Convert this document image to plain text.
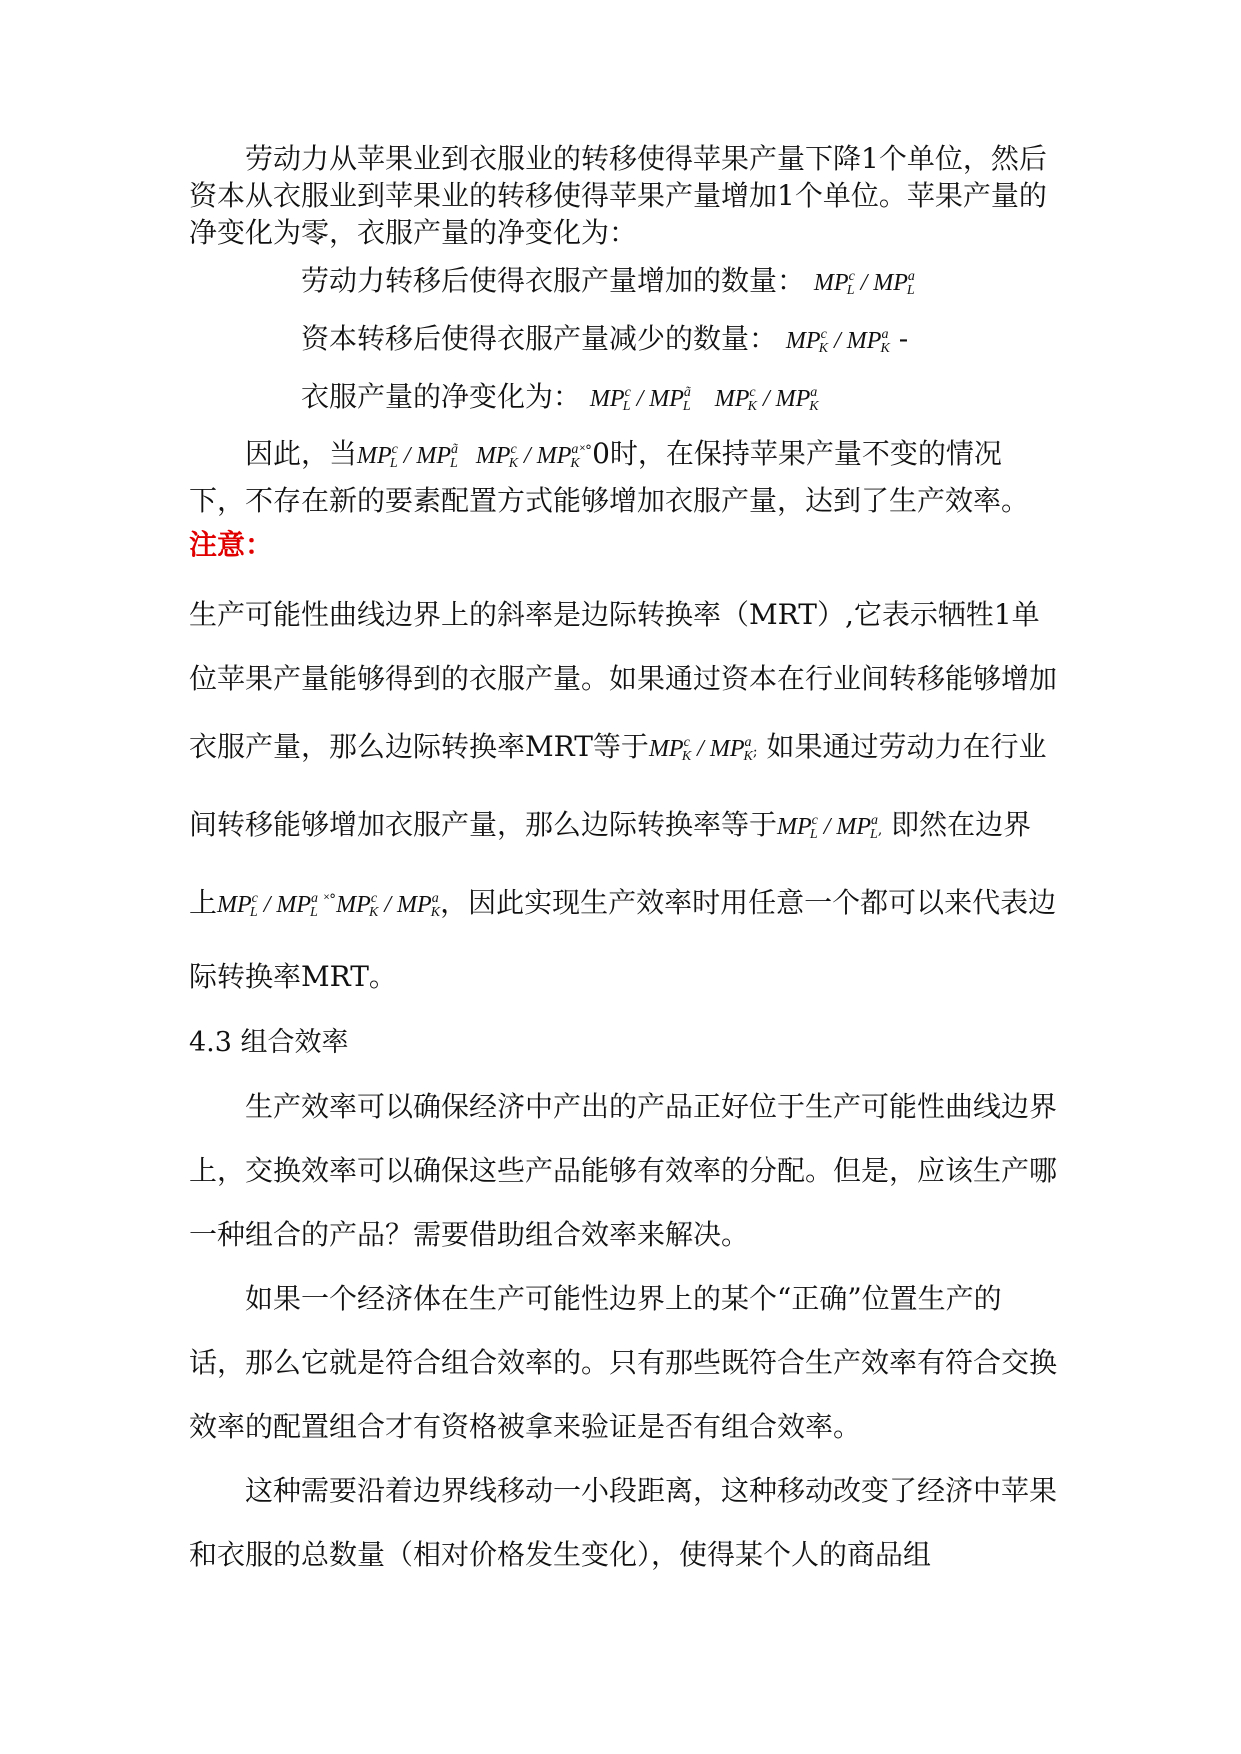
劳动力从苹果业到衣服业的转移使得苹果产量下降1个单位，然后资本从衣服业到苹果业的转移使得苹果产量增加1个单位。苹果产量的净变化为零，衣服产量的净变化为：

劳动力转移后使得衣服产量增加的数量： $MP^c_L / MP^a_L$

资本转移后使得衣服产量减少的数量： $MP^c_K / MP^a_K$ -

衣服产量的净变化为： $MP^c_L / MP^ã_L$    $MP^c_K / MP^a_K$

因此，当$MP^c_L / MP^ã_L$   $MP^c_K / MP^a_K^{˟^\circ}0$时，在保持苹果产量不变的情况下，不存在新的要素配置方式能够增加衣服产量，达到了生产效率。

注意：

生产可能性曲线边界上的斜率是边际转换率（MRT）,它表示牺牲1单位苹果产量能够得到的衣服产量。如果通过资本在行业间转移能够增加衣服产量，那么边际转换率MRT等于$MP^c_K / MP^a_K$; 如果通过劳动力在行业间转移能够增加衣服产量，那么边际转换率等于$MP^c_L / MP^a_L$, 即然在边界上$MP^c_L / MP^a_L$ $^{˟^\circ}MP^c_K / MP^a_K$，因此实现生产效率时用任意一个都可以来代表边际转换率MRT。

4.3 组合效率

生产效率可以确保经济中产出的产品正好位于生产可能性曲线边界上，交换效率可以确保这些产品能够有效率的分配。但是，应该生产哪一种组合的产品？需要借助组合效率来解决。

如果一个经济体在生产可能性边界上的某个“正确”位置生产的话，那么它就是符合组合效率的。只有那些既符合生产效率有符合交换效率的配置组合才有资格被拿来验证是否有组合效率。

这种需要沿着边界线移动一小段距离，这种移动改变了经济中苹果和衣服的总数量（相对价格发生变化），使得某个人的商品组
